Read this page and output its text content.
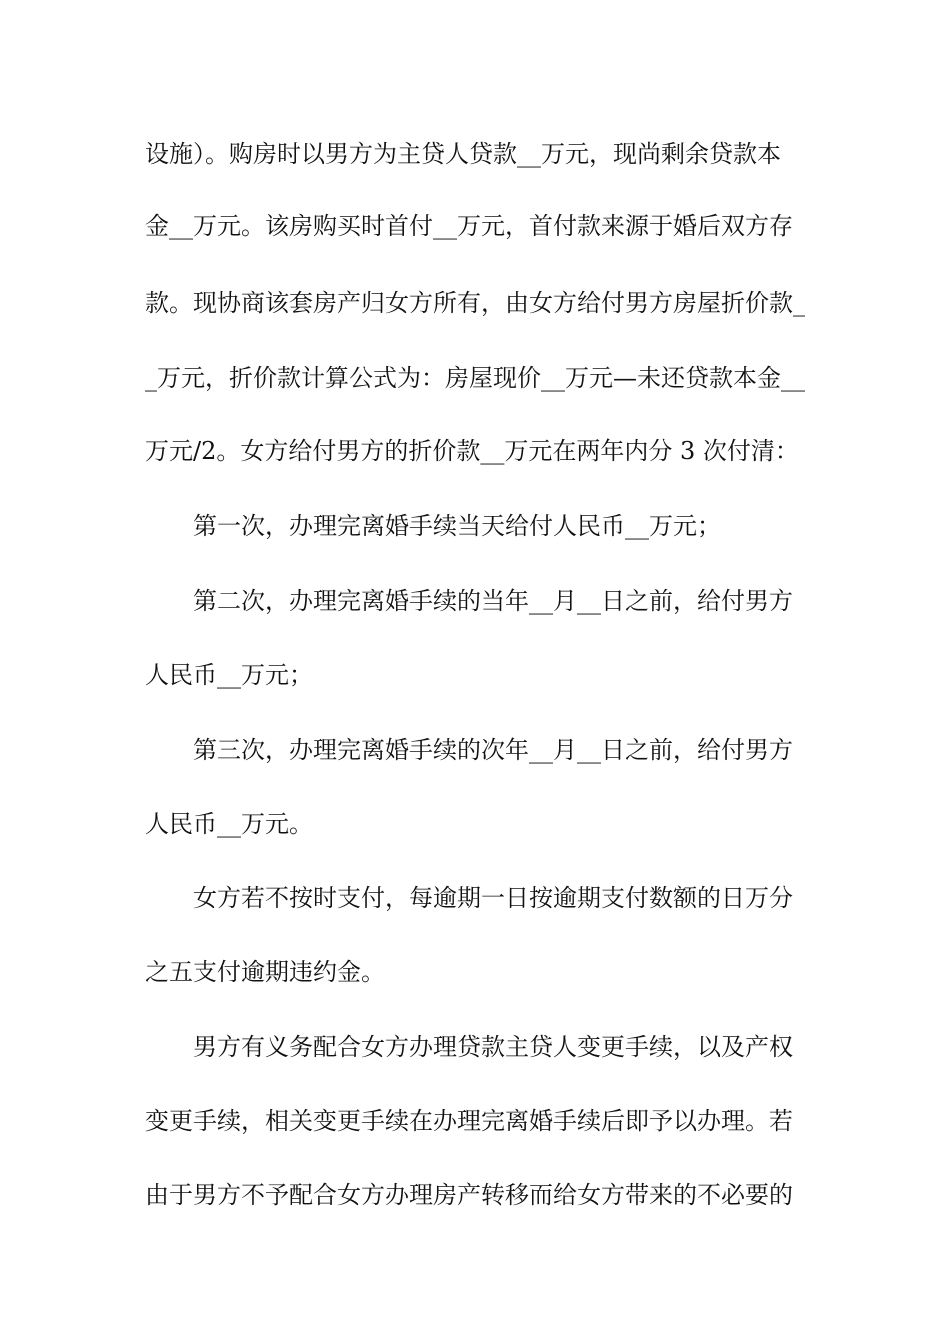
设施）。购房时以男方为主贷人贷款__万元，现尚剩余贷款本
金__万元。该房购买时首付__万元，首付款来源于婚后双方存
款。现协商该套房产归女方所有，由女方给付男方房屋折价款_
_万元，折价款计算公式为：房屋现价__万元—未还贷款本金__
万元/2。女方给付男方的折价款__万元在两年内分 3 次付清：
第一次，办理完离婚手续当天给付人民币__万元；
第二次，办理完离婚手续的当年__月__日之前，给付男方
人民币__万元；
第三次，办理完离婚手续的次年__月__日之前，给付男方
人民币__万元。
女方若不按时支付，每逾期一日按逾期支付数额的日万分
之五支付逾期违约金。
男方有义务配合女方办理贷款主贷人变更手续，以及产权
变更手续，相关变更手续在办理完离婚手续后即予以办理。若
由于男方不予配合女方办理房产转移而给女方带来的不必要的
